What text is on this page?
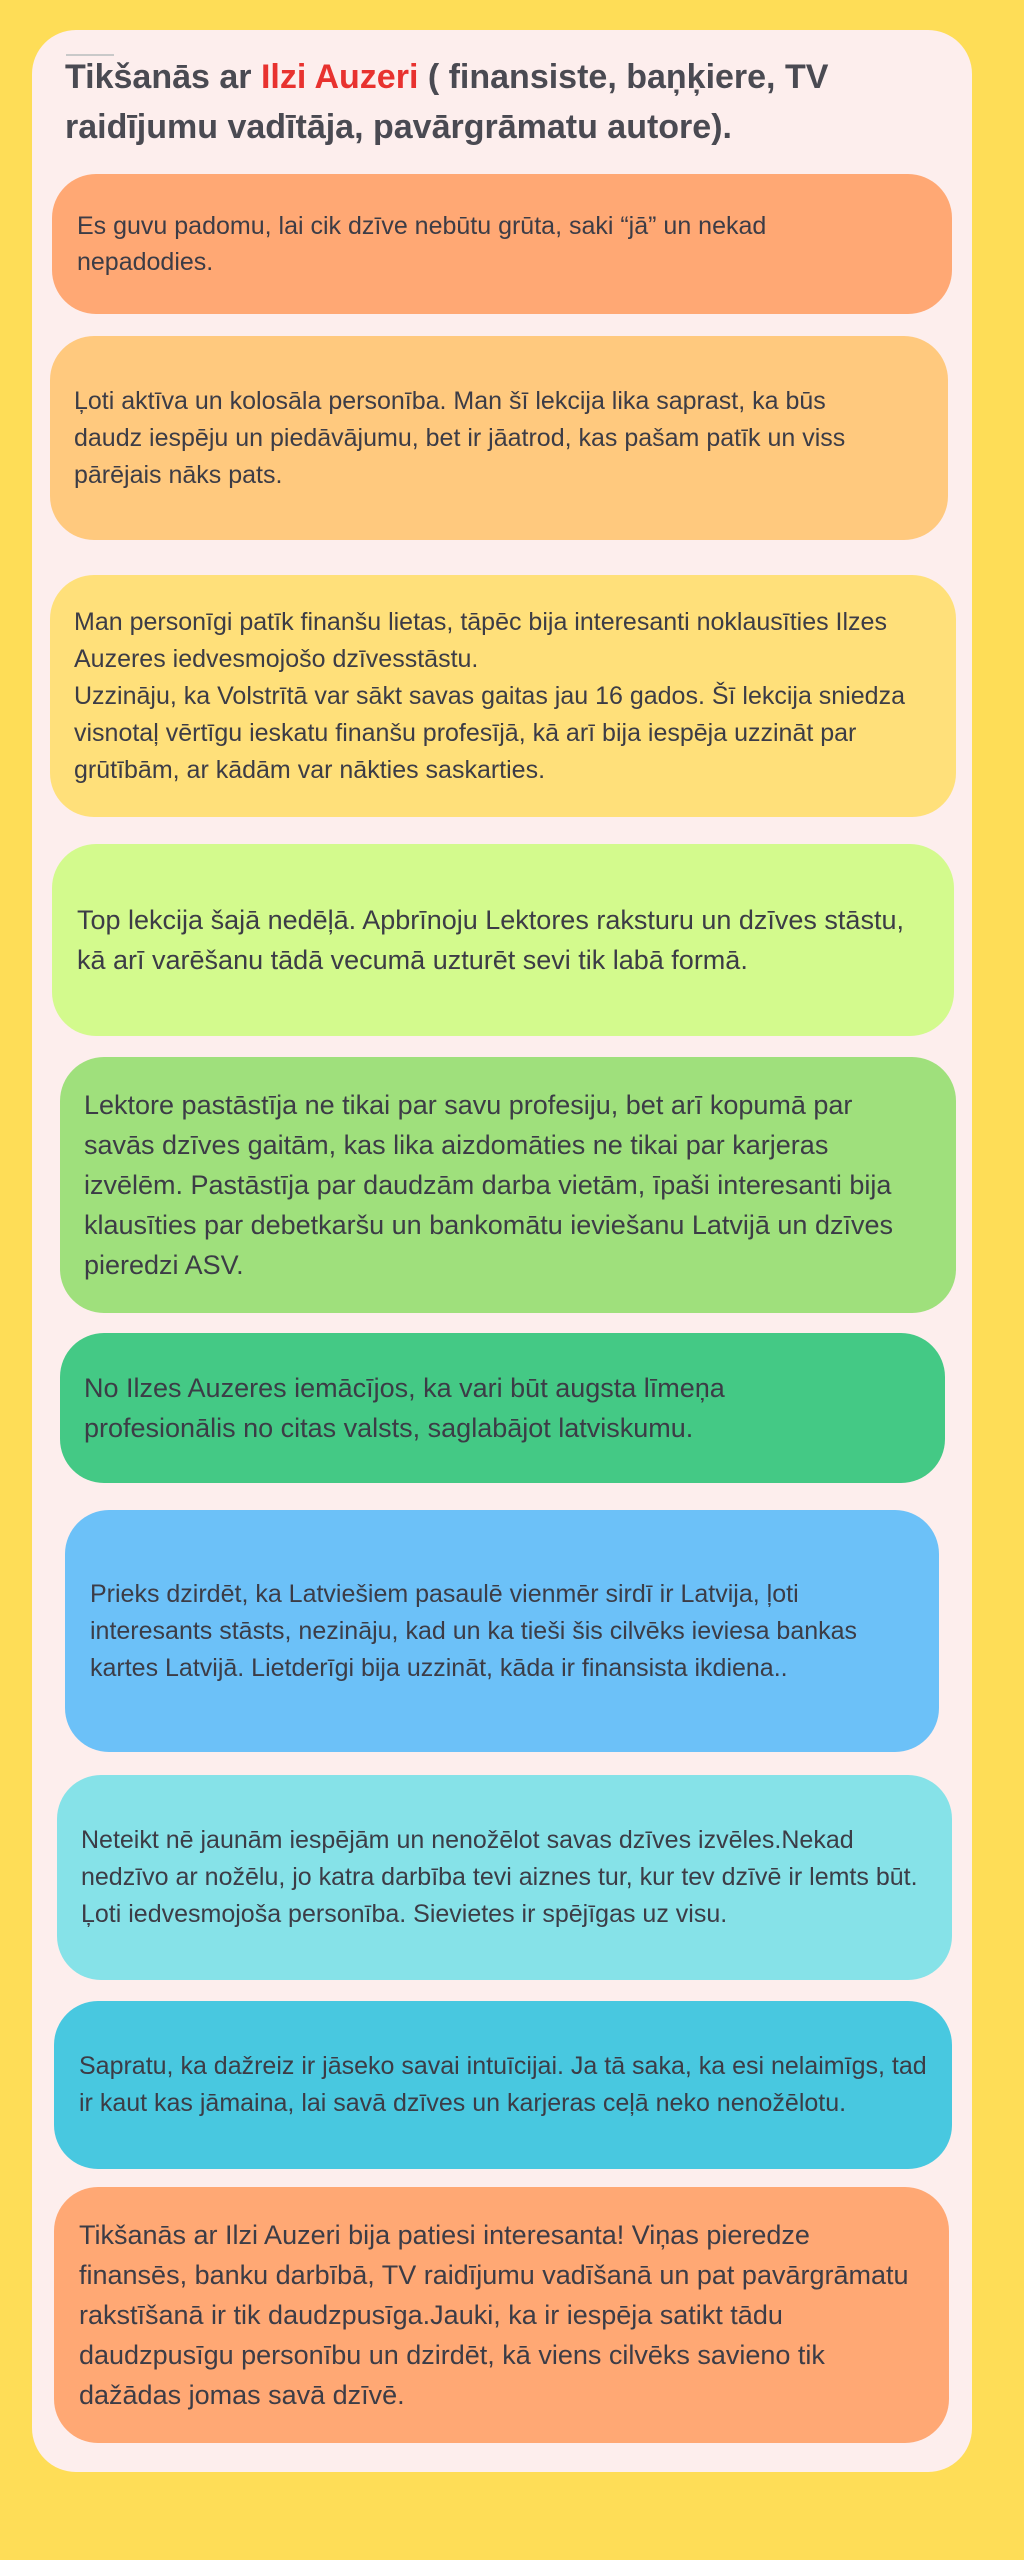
Tikšanās ar Ilzi Auzeri ( finansiste, baņķiere, TV raidījumu vadītāja, pavārgrāmatu autore).

Es guvu padomu, lai cik dzīve nebūtu grūta, saki “jā” un nekad nepadodies.

Ļoti aktīva un kolosāla personība. Man šī lekcija lika saprast, ka būs daudz iespēju un piedāvājumu, bet ir jāatrod, kas pašam patīk un viss pārējais nāks pats.

Man personīgi patīk finanšu lietas, tāpēc bija interesanti noklausīties Ilzes Auzeres iedvesmojošo dzīvesstāstu.
Uzzināju, ka Volstrītā var sākt savas gaitas jau 16 gados. Šī lekcija sniedza visnotaļ vērtīgu ieskatu finanšu profesījā, kā arī bija iespēja uzzināt par grūtībām, ar kādām var nākties saskarties.

Top lekcija šajā nedēļā. Apbrīnoju Lektores raksturu un dzīves stāstu, kā arī varēšanu tādā vecumā uzturēt sevi tik labā formā.

Lektore pastāstīja ne tikai par savu profesiju, bet arī kopumā par savās dzīves gaitām, kas lika aizdomāties ne tikai par karjeras izvēlēm. Pastāstīja par daudzām darba vietām, īpaši interesanti bija klausīties par debetkaršu un bankomātu ieviešanu Latvijā un dzīves pieredzi ASV.

No Ilzes Auzeres iemācījos, ka vari būt augsta līmeņa profesionālis no citas valsts, saglabājot latviskumu.

Prieks dzirdēt, ka Latviešiem pasaulē vienmēr sirdī ir Latvija, ļoti interesants stāsts, nezināju, kad un ka tieši šis cilvēks ieviesa bankas kartes Latvijā. Lietderīgi bija uzzināt, kāda ir finansista ikdiena..

Neteikt nē jaunām iespējām un nenožēlot savas dzīves izvēles.Nekad nedzīvo ar nožēlu, jo katra darbība tevi aiznes tur, kur tev dzīvē ir lemts būt. Ļoti iedvesmojoša personība. Sievietes ir spējīgas uz visu.

Sapratu, ka dažreiz ir jāseko savai intuīcijai. Ja tā saka, ka esi nelaimīgs, tad ir kaut kas jāmaina, lai savā dzīves un karjeras ceļā neko nenožēlotu.

Tikšanās ar Ilzi Auzeri bija patiesi interesanta! Viņas pieredze finansēs, banku darbībā, TV raidījumu vadīšanā un pat pavārgrāmatu rakstīšanā ir tik daudzpusīga.Jauki, ka ir iespēja satikt tādu daudzpusīgu personību un dzirdēt, kā viens cilvēks savieno tik dažādas jomas savā dzīvē.
